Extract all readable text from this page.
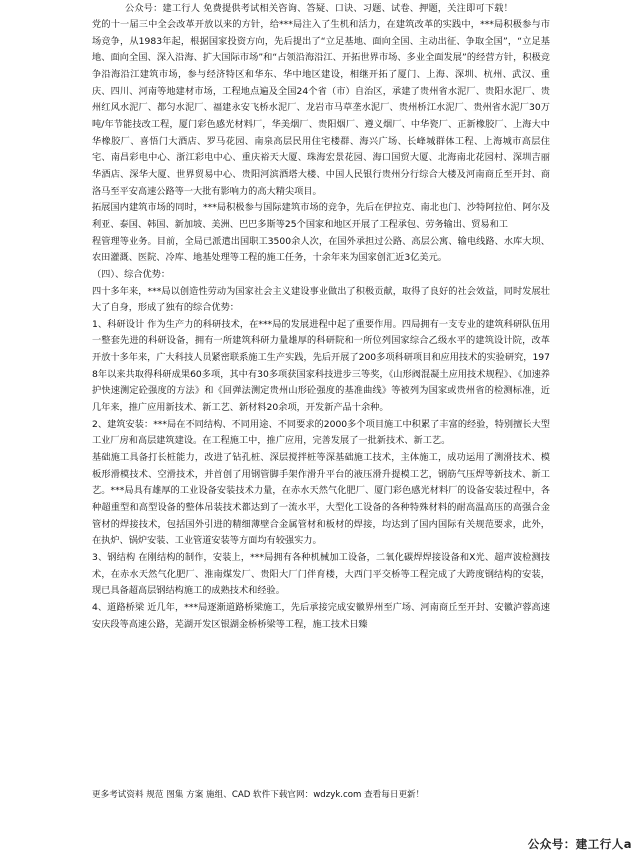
公众号：建工行人 免费提供考试相关咨询、答疑、口诀、习题、试卷、押题，关注即可下载！

党的十一届三中全会改革开放以来的方针，给***局注入了生机和活力，在建筑改革的实践中，***局积极参与市场竞争，从1983年起，根据国家投资方向，先后提出了“立足基地、面向全国、主动出征、争取全国”，“立足基地、面向全国、深入沿海、扩大国际市场”和“占领沿海沿江、开拓世界市场、多业全面发展”的经营方针，积极竞争沿海沿江建筑市场，参与经济特区和华东、华中地区建设，相继开拓了厦门、上海、深圳、杭州、武汉、重庆、四川、河南等地建材市场，工程地点遍及全国24个省（市）自治区，承建了贵州省水泥厂、贵阳水泥厂、贵州红风水泥厂、都匀水泥厂、福建永安飞桥水泥厂、龙岩市马草垄水泥厂、贵州桥江水泥厂、贵州省水泥厂30万吨/年节能技改工程，厦门彩色感光材料厂，华美烟厂、贵阳烟厂、遵义烟厂、中华瓷厂、正新橡胶厂、上海大中华橡胶厂、喜悟门大酒店、罗马花园、南泉高层民用住宅楼群、海兴广场、长峰城群体工程、上海城市高层住宅、南昌彩电中心、浙江彩电中心、重庆裕天大厦、珠海宏景花园、海口国贸大厦、北海南北花园村、深圳吉丽华酒店、深华大厦、世界贸易中心、贵阳河滨酒塔大楼、中国人民银行贵州分行综合大楼及河南商丘至开封、商洛马至平安高速公路等一大批有影响力的高大精尖项目。

拓展国内建筑市场的同时，***局积极参与国际建筑市场的竞争，先后在伊拉克、南北也门、沙特阿拉伯、阿尔及利亚、泰国、韩国、新加坡、美洲、巴巴多斯等25个国家和地区开展了工程承包、劳务输出、贸易和工

程管理等业务。目前，全局已派遣出国职工3500余人次，在国外承担过公路、高层公寓、输电线路、水库大坝、农田灌溉、医院、冷库、地基处理等工程的施工任务，十余年来为国家创汇近3亿美元。

（四）、综合优势：

四十多年来，***局以创造性劳动为国家社会主义建设事业做出了积极贡献，取得了良好的社会效益，同时发展壮大了自身，形成了独有的综合优势：

1、科研设计 作为生产力的科研技术，在***局的发展进程中起了重要作用。四局拥有一支专业的建筑科研队伍用一整套先进的科研设备，拥有一所建筑科研力量雄厚的科研院和一所位列国家综合乙级水平的建筑设计院，改革开放十多年来，广大科技人员紧密联系施工生产实践，先后开展了200多项科研项目和应用技术的实验研究，1978年以来共取得科研成果60多项，其中有30多项获国家科技进步三等奖，《山形阀混凝土应用技术规程》、《加速养护快速测定砼强度的方法》和《回弹法测定贵州山形砼强度的基准曲线》等被列为国家或贵州省的检测标准，近几年来，推广应用新技术、新工艺、新材料20余项，开发新产品十余种。

2、建筑安装：***局在不同结构、不同用途、不同要求的2000多个项目施工中积累了丰富的经验，特别擅长大型工业厂房和高层建筑建设。在工程施工中，推广应用，完善发展了一批新技术、新工艺。

基础施工具备打长桩能力，改进了钻孔桩、深层搅拌桩等深基础施工技术，主体施工，成功运用了测滑技术、模板形滑模技术、空滑技术，并首创了用钢管脚手架作滑升平台的液压滑升提模工艺，钢筋气压焊等新技术、新工艺。***局具有雄厚的工业设备安装技术力量，在赤水天然气化肥厂、厦门彩色感光材料厂的设备安装过程中，各种超重型和高型设备的整体吊装技术都达到了一流水平，大型化工设备的各种特殊材料的耐高温高压的高强合金管材的焊接技术，包括国外引进的精细薄壁合金属管材和板材的焊接，均达到了国内国际有关规范要求，此外，在执炉、锅炉安装、工业管道安装等方面均有较强实力。

3、钢结构 在刚结构的制作，安装上，***局拥有各种机械加工设备，二氧化碳焊焊接设备和X光、超声波检测技术，在赤水天然气化肥厂、淮南煤发厂、贵阳大厂门伴育楼，大西门平交桥等工程完成了大跨度钢结构的安装，现已具备超高层钢结构施工的成熟技术和经验。

4、道路桥梁 近几年，***局逐渐道路桥梁施工，先后承接完成安徽界州至广场、河南商丘至开封、安徽泸蓉高速安庆段等高速公路，芜湖开发区银湖金桥桥梁等工程，施工技术日臻

更多考试资料 规范 图集 方案 施组、CAD 软件下载官网：wdzyk.com 查看每日更新！
公众号：建工行人a
